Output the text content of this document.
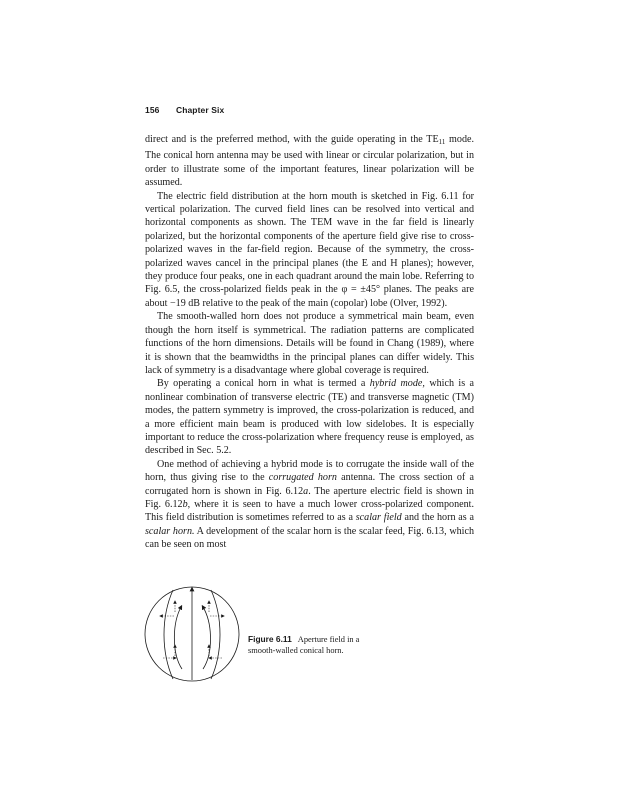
156 Chapter Six

direct and is the preferred method, with the guide operating in the $TE_{11}$ mode. The conical horn antenna may be used with linear or circular polarization, but in order to illustrate some of the important features, linear polarization will be assumed.

The electric field distribution at the horn mouth is sketched in Fig. 6.11 for vertical polarization. The curved field lines can be resolved into vertical and horizontal components as shown. The TEM wave in the far field is linearly polarized, but the horizontal components of the aperture field give rise to cross-polarized waves in the far-field region. Because of the symmetry, the cross-polarized waves cancel in the principal planes (the E and H planes); however, they produce four peaks, one in each quadrant around the main lobe. Referring to Fig. 6.5, the cross-polarized fields peak in the φ = ±45° planes. The peaks are about −19 dB relative to the peak of the main (copolar) lobe (Olver, 1992).

The smooth-walled horn does not produce a symmetrical main beam, even though the horn itself is symmetrical. The radiation patterns are complicated functions of the horn dimensions. Details will be found in Chang (1989), where it is shown that the beamwidths in the principal planes can differ widely. This lack of symmetry is a disadvantage where global coverage is required.

By operating a conical horn in what is termed a hybrid mode, which is a nonlinear combination of transverse electric (TE) and transverse magnetic (TM) modes, the pattern symmetry is improved, the cross-polarization is reduced, and a more efficient main beam is produced with low sidelobes. It is especially important to reduce the cross-polarization where frequency reuse is employed, as described in Sec. 5.2.

One method of achieving a hybrid mode is to corrugate the inside wall of the horn, thus giving rise to the corrugated horn antenna. The cross section of a corrugated horn is shown in Fig. 6.12a. The aperture electric field is shown in Fig. 6.12b, where it is seen to have a much lower cross-polarized component. This field distribution is sometimes referred to as a scalar field and the horn as a scalar horn. A development of the scalar horn is the scalar feed, Fig. 6.13, which can be seen on most

Figure 6.11 Aperture field in a smooth-walled conical horn.
